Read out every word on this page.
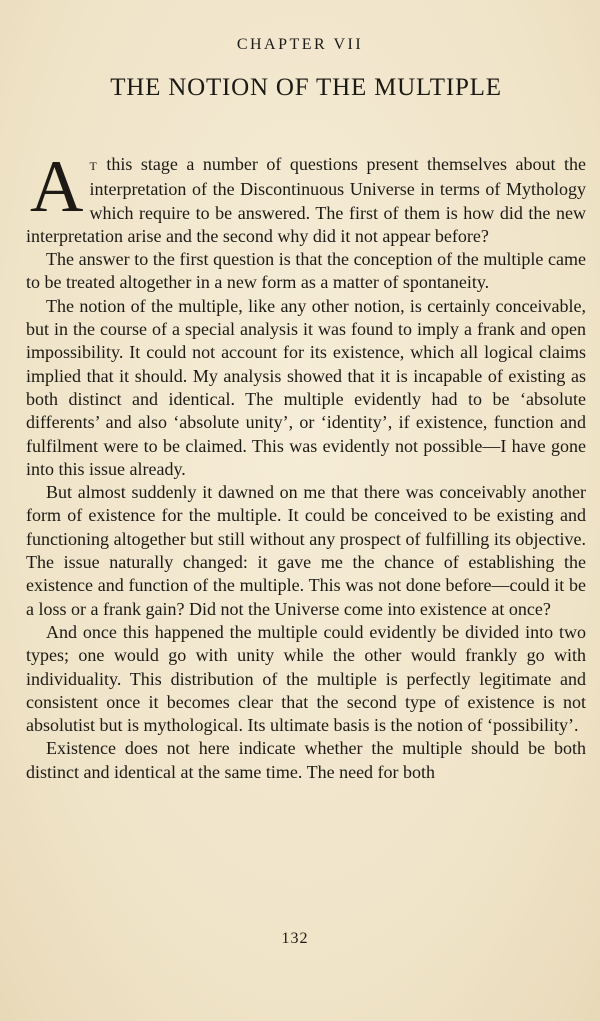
CHAPTER VII
THE NOTION OF THE MULTIPLE

A T this stage a number of questions present themselves about the interpretation of the Discontinuous Universe in terms of Mythology which require to be answered. The first of them is how did the new interpretation arise and the second why did it not appear before?

The answer to the first question is that the conception of the multiple came to be treated altogether in a new form as a matter of spontaneity.

The notion of the multiple, like any other notion, is certainly conceivable, but in the course of a special analysis it was found to imply a frank and open impossibility. It could not account for its existence, which all logical claims implied that it should. My analysis showed that it is incapable of existing as both distinct and identical. The multiple evidently had to be ‘absolute differents’ and also ‘absolute unity’, or ‘identity’, if existence, function and fulfilment were to be claimed. This was evidently not possible—I have gone into this issue already.

But almost suddenly it dawned on me that there was conceivably another form of existence for the multiple. It could be conceived to be existing and functioning altogether but still without any prospect of fulfilling its objective. The issue naturally changed: it gave me the chance of establishing the existence and function of the multiple. This was not done before—could it be a loss or a frank gain? Did not the Universe come into existence at once?

And once this happened the multiple could evidently be divided into two types; one would go with unity while the other would frankly go with individuality. This distribution of the multiple is perfectly legitimate and consistent once it becomes clear that the second type of existence is not absolutist but is mythological. Its ultimate basis is the notion of ‘possibility’.

Existence does not here indicate whether the multiple should be both distinct and identical at the same time. The need for both

132
